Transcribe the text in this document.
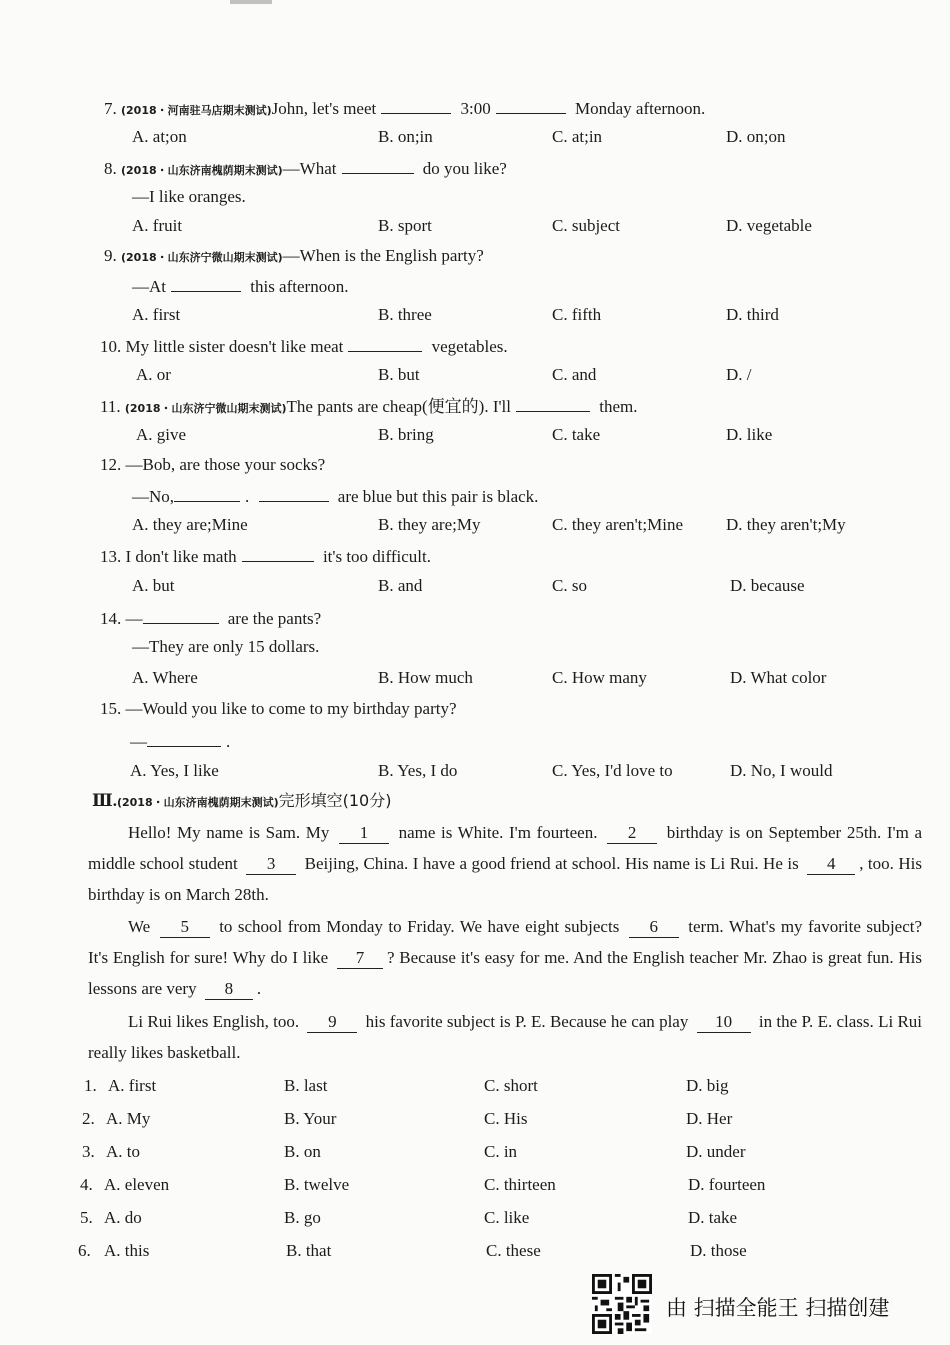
7. (2018・河南驻马店期末测试)John, let's meet	3:00	Monday afternoon.
A. at;on	B. on;in	C. at;in	D. on;on
8. (2018・山东济南槐荫期末测试)—What	do you like?
—I like oranges.
A. fruit	B. sport	C. subject	D. vegetable
9. (2018・山东济宁微山期末测试)—When is the English party?
—At	this afternoon.
A. first	B. three	C. fifth	D. third
10. My little sister doesn't like meat	vegetables.
A. or	B. but	C. and	D. /
11. (2018・山东济宁微山期末测试)The pants are cheap(便宜的). I'll	them.
A. give	B. bring	C. take	D. like
12. —Bob, are those your socks?
—No,	.	are blue but this pair is black.
A. they are;Mine	B. they are;My	C. they aren't;Mine	D. they aren't;My
13. I don't like math	it's too difficult.
A. but	B. and	C. so	D. because
14. —	are the pants?
—They are only 15 dollars.
A. Where	B. How much	C. How many	D. What color
15. —Would you like to come to my birthday party?
—	.
A. Yes, I like	B. Yes, I do	C. Yes, I'd love to	D. No, I would
Ⅲ.(2018・山东济南槐荫期末测试)完形填空(10分)
Hello! My name is Sam. My 1 name is White. I'm fourteen. 2 birthday is on September 25th. I'm a middle school student 3 Beijing, China. I have a good friend at school. His name is Li Rui. He is 4 , too. His birthday is on March 28th.
We 5 to school from Monday to Friday. We have eight subjects 6 term. What's my favorite subject? It's English for sure! Why do I like 7 ? Because it's easy for me. And the English teacher Mr. Zhao is great fun. His lessons are very 8 .
Li Rui likes English, too. 9 his favorite subject is P. E. Because he can play 10 in the P. E. class. Li Rui really likes basketball.
1. A. first	B. last	C. short	D. big
2. A. My	B. Your	C. His	D. Her
3. A. to	B. on	C. in	D. under
4. A. eleven	B. twelve	C. thirteen	D. fourteen
5. A. do	B. go	C. like	D. take
6. A. this	B. that	C. these	D. those
由 扫描全能王 扫描创建
